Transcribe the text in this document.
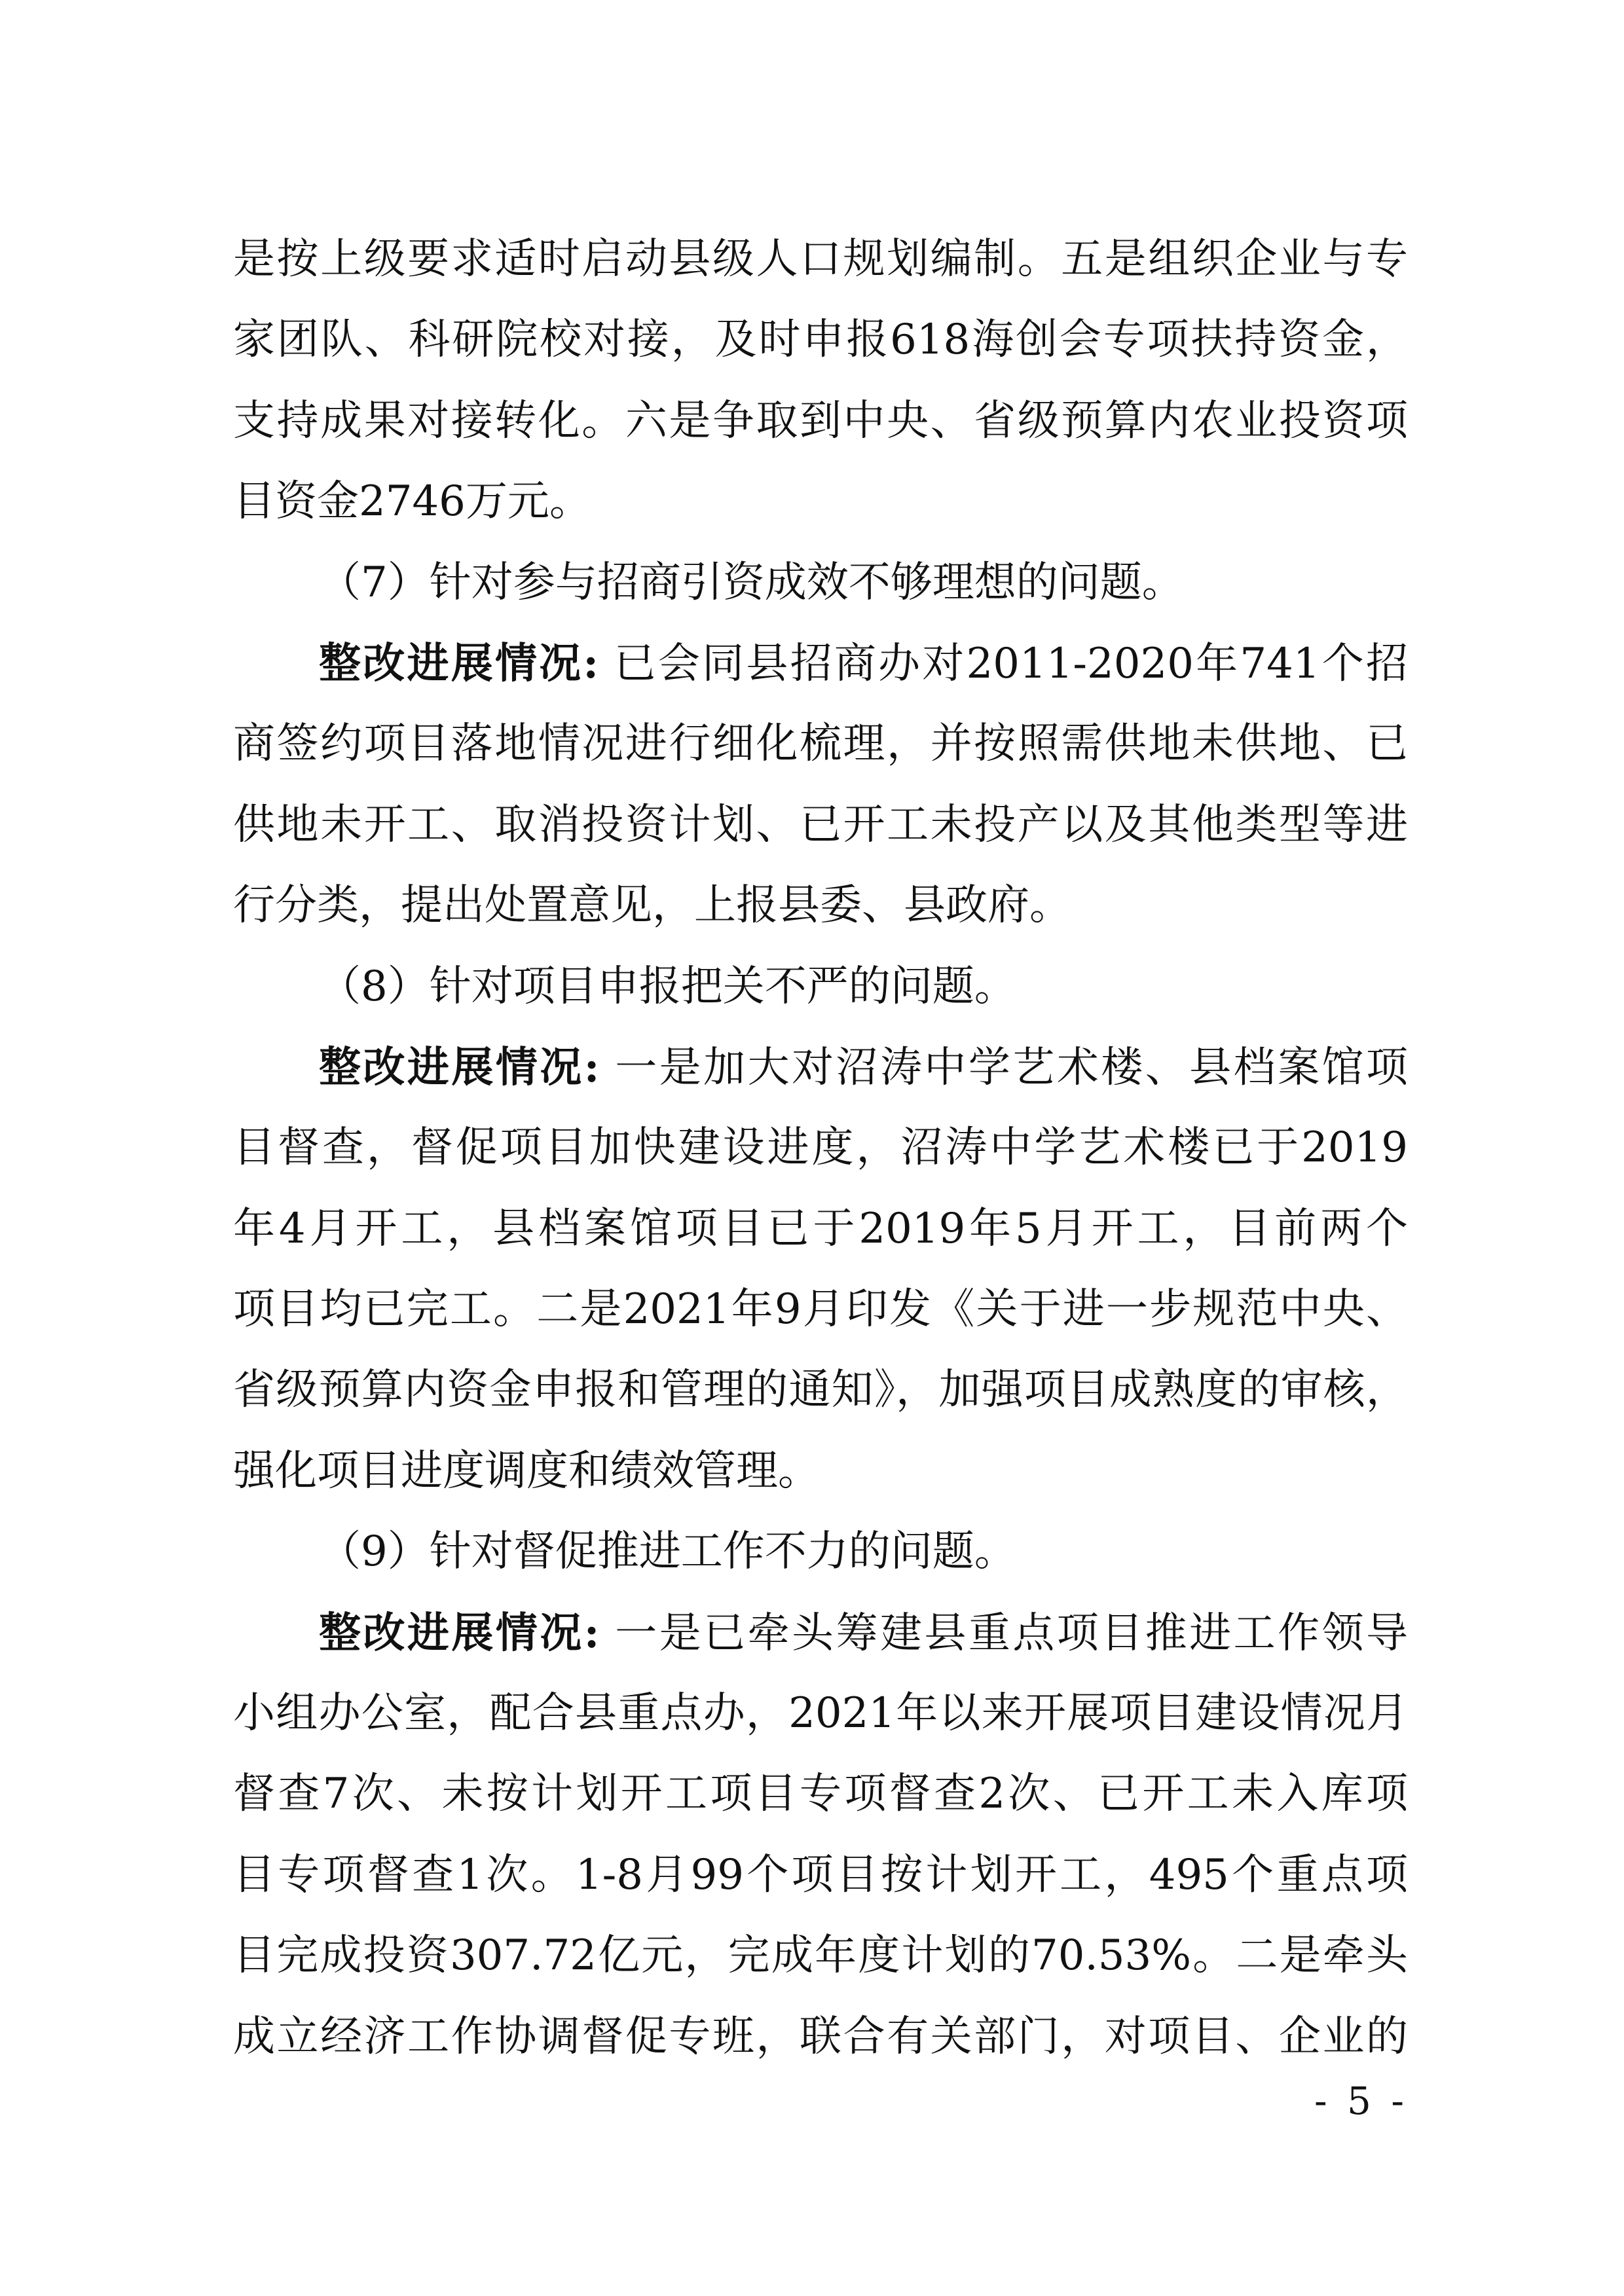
是按上级要求适时启动县级人口规划编制。五是组织企业与专
家团队、科研院校对接，及时申报618海创会专项扶持资金，
支持成果对接转化。六是争取到中央、省级预算内农业投资项
目资金2746万元。
（7）针对参与招商引资成效不够理想的问题。
整改进展情况: 已会同县招商办对2011-2020年741个招
商签约项目落地情况进行细化梳理，并按照需供地未供地、已
供地未开工、取消投资计划、已开工未投产以及其他类型等进
行分类，提出处置意见，上报县委、县政府。
（8）针对项目申报把关不严的问题。
整改进展情况: 一是加大对沼涛中学艺术楼、县档案馆项
目督查，督促项目加快建设进度，沼涛中学艺术楼已于2019
年4月开工，县档案馆项目已于2019年5月开工，目前两个
项目均已完工。二是2021年9月印发《关于进一步规范中央、
省级预算内资金申报和管理的通知》，加强项目成熟度的审核，
强化项目进度调度和绩效管理。
（9）针对督促推进工作不力的问题。
整改进展情况: 一是已牵头筹建县重点项目推进工作领导
小组办公室，配合县重点办，2021年以来开展项目建设情况月
督查7次、未按计划开工项目专项督查2次、已开工未入库项
目专项督查1次。1-8月99个项目按计划开工，495个重点项
目完成投资307.72亿元，完成年度计划的70.53%。二是牵头
成立经济工作协调督促专班，联合有关部门，对项目、企业的
- 5 -
